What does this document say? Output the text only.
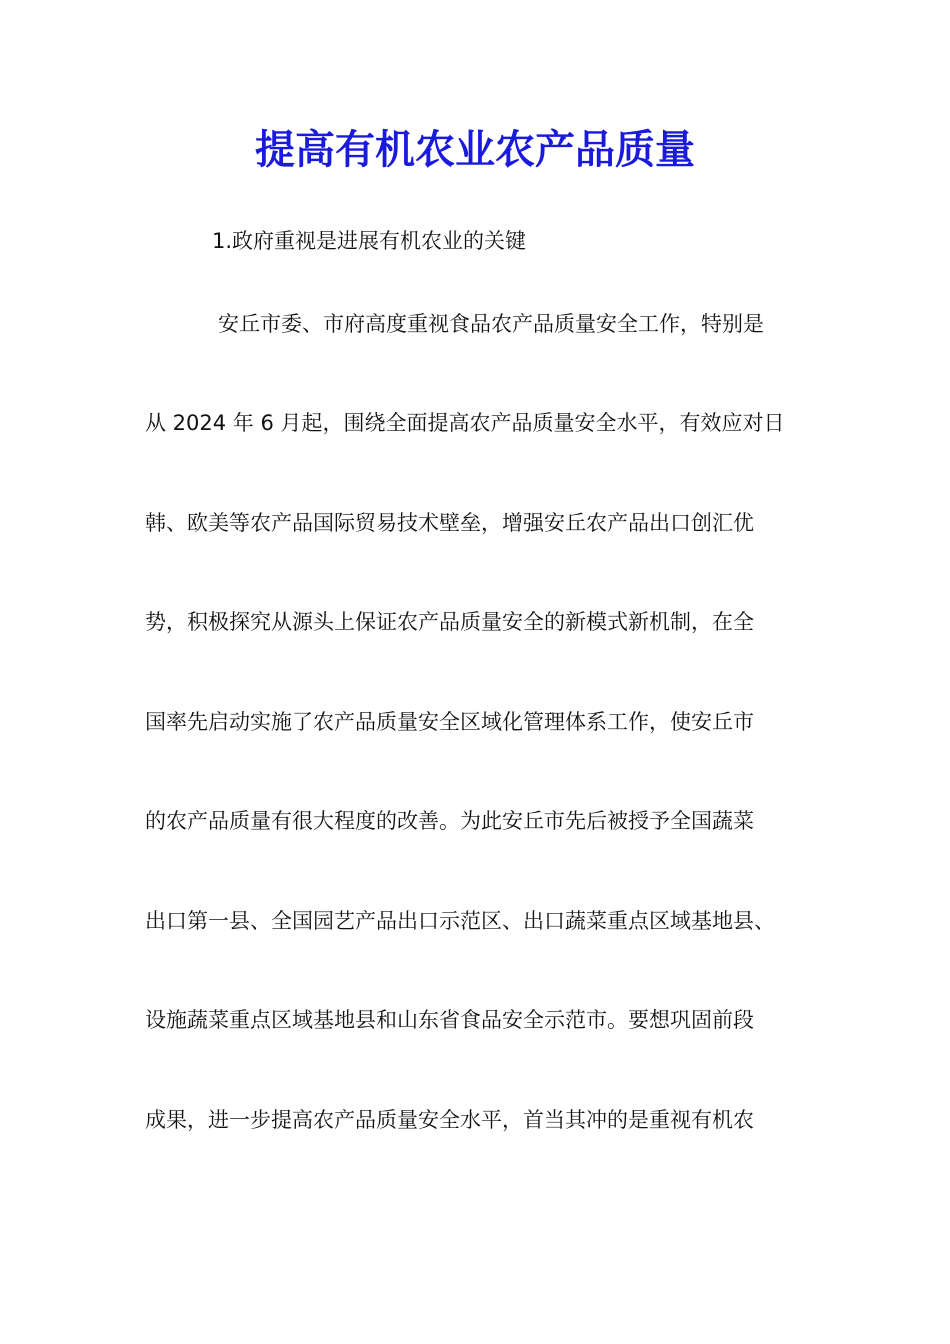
提高有机农业农产品质量

1.政府重视是进展有机农业的关键

安丘市委、市府高度重视食品农产品质量安全工作，特别是

从 2024 年 6 月起，围绕全面提高农产品质量安全水平，有效应对日

韩、欧美等农产品国际贸易技术壁垒，增强安丘农产品出口创汇优

势，积极探究从源头上保证农产品质量安全的新模式新机制，在全

国率先启动实施了农产品质量安全区域化管理体系工作，使安丘市

的农产品质量有很大程度的改善。为此安丘市先后被授予全国蔬菜

出口第一县、全国园艺产品出口示范区、出口蔬菜重点区域基地县、

设施蔬菜重点区域基地县和山东省食品安全示范市。要想巩固前段

成果，进一步提高农产品质量安全水平，首当其冲的是重视有机农
